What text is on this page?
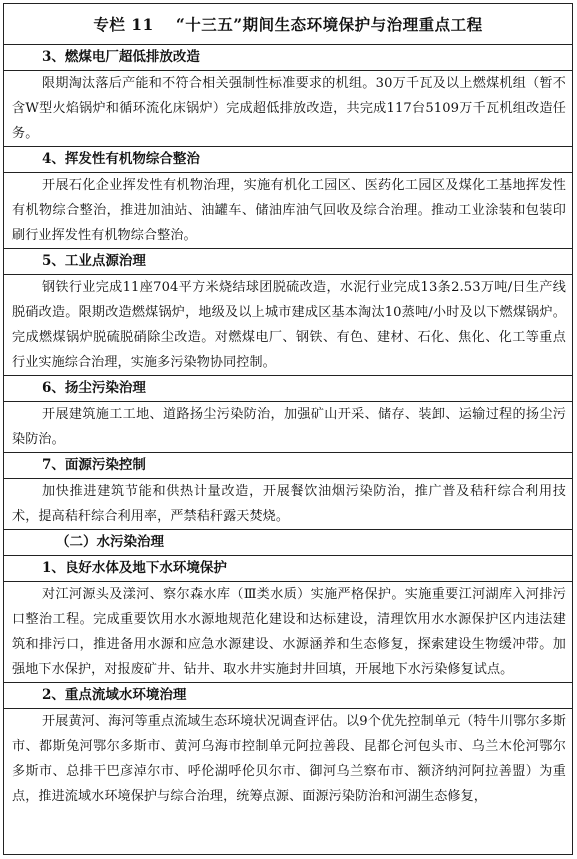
专栏 11 “十三五”期间生态环境保护与治理重点工程
3、燃煤电厂超低排放改造
限期淘汰落后产能和不符合相关强制性标准要求的机组。30万千瓦及以上燃煤机组（暂不含W型火焰锅炉和循环流化床锅炉）完成超低排放改造，共完成117台5109万千瓦机组改造任务。
4、挥发性有机物综合整治
开展石化企业挥发性有机物治理，实施有机化工园区、医药化工园区及煤化工基地挥发性有机物综合整治，推进加油站、油罐车、储油库油气回收及综合治理。推动工业涂装和包装印刷行业挥发性有机物综合整治。
5、工业点源治理
钢铁行业完成11座704平方米烧结球团脱硫改造，水泥行业完成13条2.53万吨/日生产线脱硝改造。限期改造燃煤锅炉，地级及以上城市建成区基本淘汰10蒸吨/小时及以下燃煤锅炉。完成燃煤锅炉脱硫脱硝除尘改造。对燃煤电厂、钢铁、有色、建材、石化、焦化、化工等重点行业实施综合治理，实施多污染物协同控制。
6、扬尘污染治理
开展建筑施工工地、道路扬尘污染防治，加强矿山开采、储存、装卸、运输过程的扬尘污染防治。
7、面源污染控制
加快推进建筑节能和供热计量改造，开展餐饮油烟污染防治，推广普及秸秆综合利用技术，提高秸秆综合利用率，严禁秸秆露天焚烧。
（二）水污染治理
1、良好水体及地下水环境保护
对江河源头及漾河、察尔森水库（Ⅲ类水质）实施严格保护。实施重要江河湖库入河排污口整治工程。完成重要饮用水水源地规范化建设和达标建设，清理饮用水水源保护区内违法建筑和排污口，推进备用水源和应急水源建设、水源涵养和生态修复，探索建设生物缓冲带。加强地下水保护，对报废矿井、钻井、取水井实施封井回填，开展地下水污染修复试点。
2、重点流域水环境治理
开展黄河、海河等重点流域生态环境状况调查评估。以9个优先控制单元（特牛川鄂尔多斯市、都斯兔河鄂尔多斯市、黄河乌海市控制单元阿拉善段、昆都仑河包头市、乌兰木伦河鄂尔多斯市、总排干巴彦淖尔市、呼伦湖呼伦贝尔市、御河乌兰察布市、额济纳河阿拉善盟）为重点，推进流域水环境保护与综合治理，统筹点源、面源污染防治和河湖生态修复，
